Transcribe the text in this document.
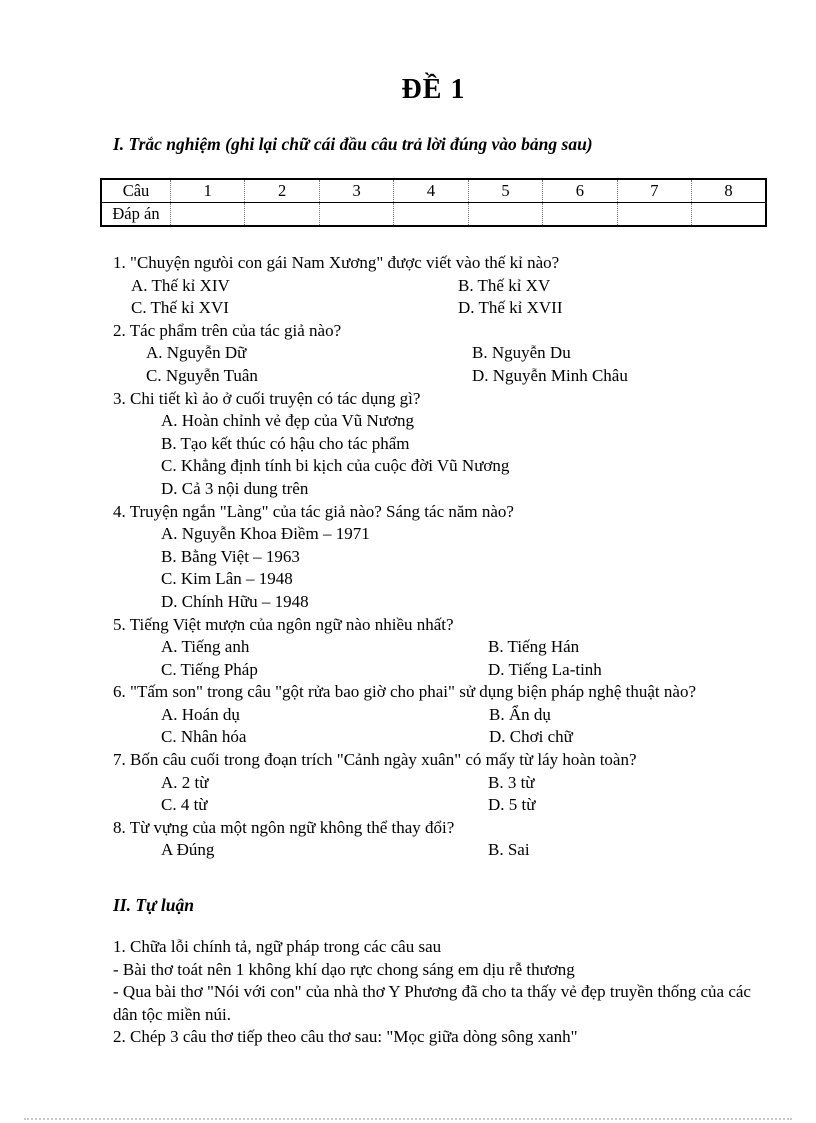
ĐỀ 1
I. Trắc nghiệm (ghi lại chữ cái đầu câu trả lời đúng vào bảng sau)
Câu	1	2	3	4	5	6	7	8
Đáp án								
1. "Chuyện ngưòi con gái Nam Xương" được viết vào thế kỉ nào?
A. Thế kỉ XIV	B. Thế kỉ XV
C. Thế kỉ XVI	D. Thế kỉ XVII
2. Tác phẩm trên của tác giả nào?
A. Nguyễn Dữ	B. Nguyễn Du
C. Nguyễn Tuân	D. Nguyễn Minh Châu
3. Chi tiết kì ảo ở cuối truyện có tác dụng gì?
A. Hoàn chỉnh vẻ đẹp của Vũ Nương
B. Tạo kết thúc có hậu cho tác phẩm
C. Khẳng định tính bi kịch của cuộc đời Vũ Nương
D. Cả 3 nội dung trên
4. Truyện ngắn "Làng" của tác giả nào? Sáng tác năm nào?
A. Nguyễn Khoa Điềm – 1971
B. Bằng Việt – 1963
C. Kim Lân – 1948
D. Chính Hữu – 1948
5. Tiếng Việt mượn của ngôn ngữ nào nhiều nhất?
A. Tiếng anh	B. Tiếng Hán
C. Tiếng Pháp	D. Tiếng La-tinh
6. "Tấm son" trong câu "gột rửa bao giờ cho phai" sử dụng biện pháp nghệ thuật nào?
A. Hoán dụ	B. Ẩn dụ
C. Nhân hóa	D. Chơi chữ
7. Bốn câu cuối trong đoạn trích "Cảnh ngày xuân" có mấy từ láy hoàn toàn?
A. 2 từ	B. 3 từ
C. 4 từ	D. 5 từ
8. Từ vựng của một ngôn ngữ không thể thay đổi?
A Đúng	B. Sai
II. Tự luận
1. Chữa lỗi chính tả, ngữ pháp trong các câu sau
- Bài thơ toát nên 1 không khí dạo rực chong sáng em dịu rễ thương
- Qua bài thơ "Nói với con" của nhà thơ Y Phương đã cho ta thấy vẻ đẹp truyền thống của các dân tộc miền núi.
2. Chép 3 câu thơ tiếp theo câu thơ sau: "Mọc giữa dòng sông xanh"
